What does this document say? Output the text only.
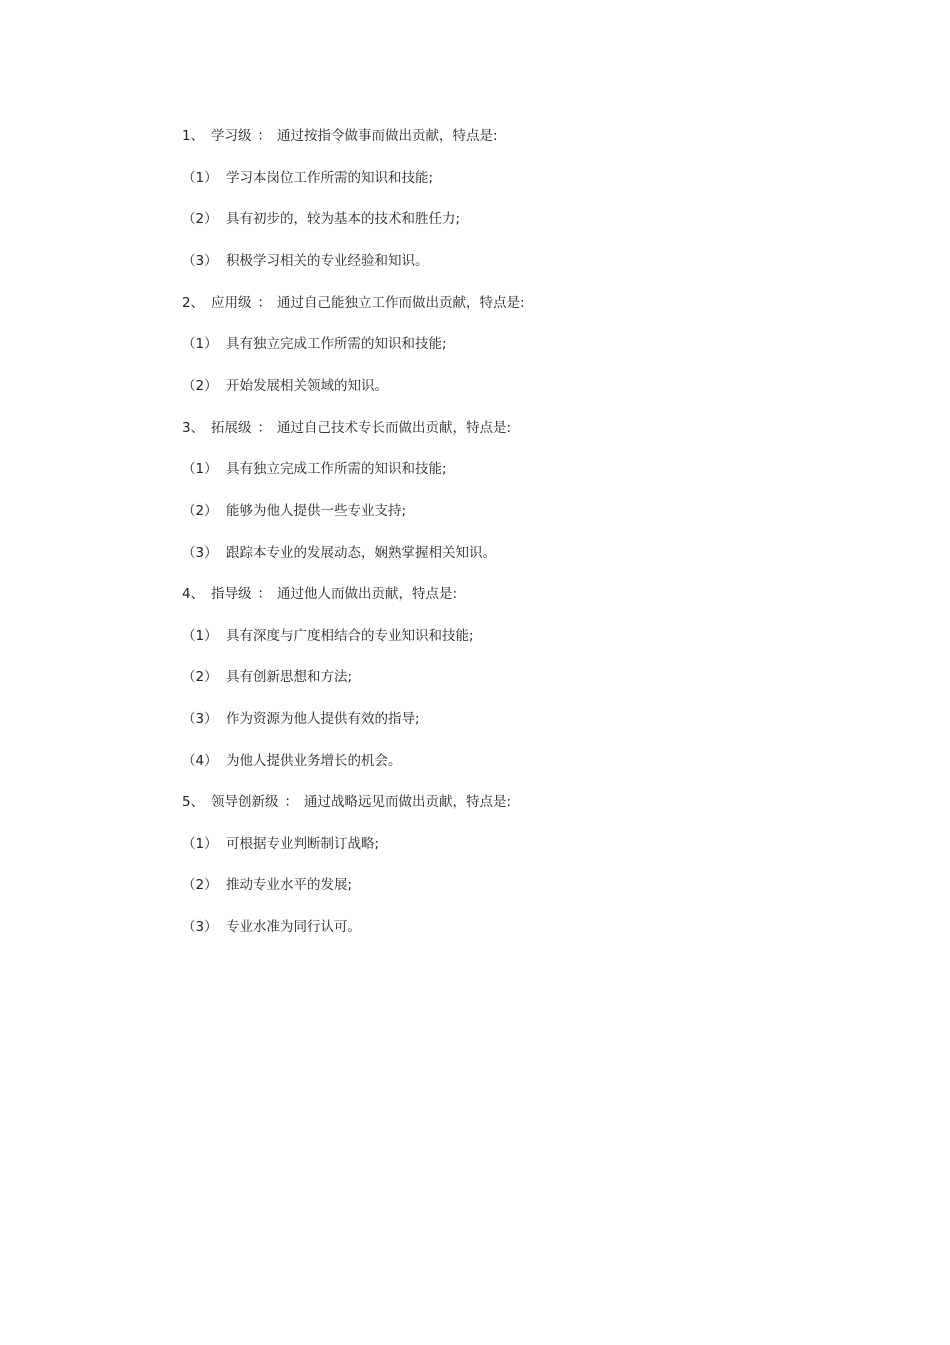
1、 学习级 ： 通过按指令做事而做出贡献，特点是:
（1） 学习本岗位工作所需的知识和技能;
（2） 具有初步的，较为基本的技术和胜任力;
（3） 积极学习相关的专业经验和知识。
2、 应用级 ： 通过自己能独立工作而做出贡献，特点是:
（1） 具有独立完成工作所需的知识和技能;
（2） 开始发展相关领域的知识。
3、 拓展级 ： 通过自己技术专长而做出贡献，特点是:
（1） 具有独立完成工作所需的知识和技能;
（2） 能够为他人提供一些专业支持;
（3） 跟踪本专业的发展动态，娴熟掌握相关知识。
4、 指导级 ： 通过他人而做出贡献，特点是:
（1） 具有深度与广度相结合的专业知识和技能;
（2） 具有创新思想和方法;
（3） 作为资源为他人提供有效的指导;
（4） 为他人提供业务增长的机会。
5、 领导创新级 ： 通过战略远见而做出贡献，特点是:
（1） 可根据专业判断制订战略;
（2） 推动专业水平的发展;
（3） 专业水准为同行认可。
